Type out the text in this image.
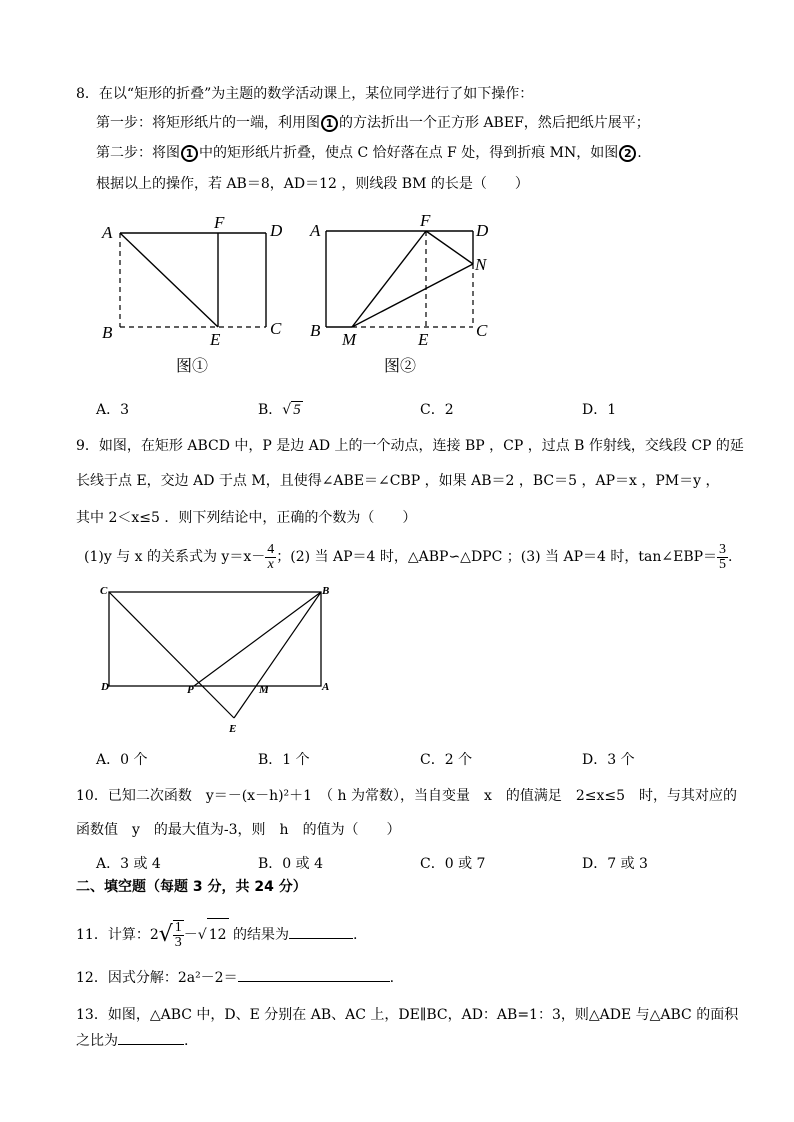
8．在以“矩形的折叠”为主题的数学活动课上，某位同学进行了如下操作：
第一步：将矩形纸片的一端，利用图 1 的方法折出一个正方形 ABEF，然后把纸片展平；
第二步：将图 1 中的矩形纸片折叠，使点 C 恰好落在点 F 处，得到折痕 MN，如图 2 .
根据以上的操作，若 AB＝8，AD＝12 ，则线段 BM 的长是（　　）
A
F	D
B	E
C
图①
A
F
D
N
B M	E	C
图②
A．3	B．√ 5	C．2	D．1
9．如图，在矩形 ABCD 中，P 是边 AD 上的一个动点，连接 BP ，CP ，过点 B 作射线，交线段 CP 的延
长线于点 E，交边 AD 于点 M，且使得∠ABE＝∠CBP ，如果 AB＝2 ，BC＝5 ，AP＝x ，PM＝y ，
其中 2＜x≤5 ．则下列结论中，正确的个数为（　　）
(1)y 与 x 的关系式为 $y=x- \frac{4}{x}$ ；(2) 当 AP＝4 时，△ABP∽△DPC ；(3) 当 AP＝4 时，tan∠EBP＝ $\frac{3}{5}$ .
C	B
D	P	M	A
E
A．0 个	B．1 个	C．2 个	D．3 个
10．已知二次函数　y＝－(x－h)²＋1　（ h 为常数），当自变量　x　的值满足　2≤x≤5　时，与其对应的
函数值　y　的最大值为-3，则　h　的值为（　　）
A．3 或 4	B．0 或 4	C．0 或 7	D．7 或 3
二、填空题（每题 3 分，共 24 分）
11．计算：$2√ \frac{1}{3}$ －√ 12 的结果为	.
12．因式分解：2a²－2＝	.
13．如图，△ABC 中，D、E 分别在 AB、AC 上，DE∥BC，AD：AB=1：3，则△ADE 与△ABC 的面积
之比为	.
